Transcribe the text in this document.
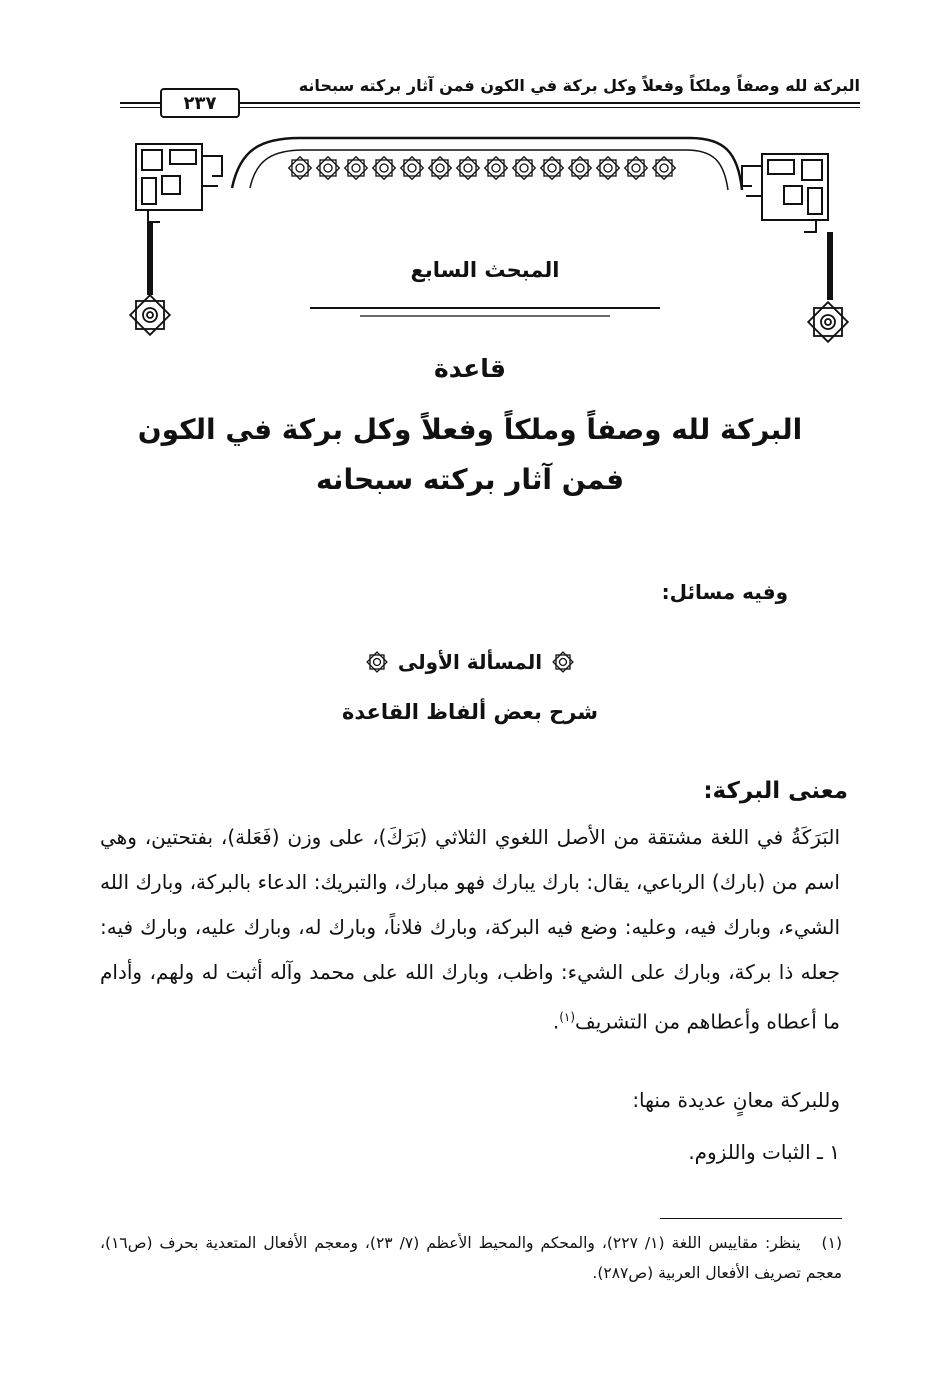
البركة لله وصفاً وملكاً وفعلاً وكل بركة في الكون فمن آثار بركته سبحانه
٢٣٧
المبحث السابع
قاعدة
البركة لله وصفاً وملكاً وفعلاً وكل بركة في الكون
فمن آثار بركته سبحانه
وفيه مسائل:
المسألة الأولى
شرح بعض ألفاظ القاعدة
معنى البركة:
البَرَكَةُ في اللغة مشتقة من الأصل اللغوي الثلاثي (بَرَكَ)، على وزن (فَعَلة)، بفتحتين، وهي اسم من (بارك) الرباعي، يقال: بارك يبارك فهو مبارك، والتبريك: الدعاء بالبركة، وبارك الله الشيء، وبارك فيه، وعليه: وضع فيه البركة، وبارك فلاناً، وبارك له، وبارك عليه، وبارك فيه: جعله ذا بركة، وبارك على الشيء: واظب، وبارك الله على محمد وآله أثبت له ولهم، وأدام ما أعطاه وأعطاهم من التشريف$^{(١)}$.
وللبركة معانٍ عديدة منها:
١ ـ الثبات واللزوم.
(١)   ينظر: مقاييس اللغة (١/ ٢٢٧)، والمحكم والمحيط الأعظم (٧/ ٢٣)، ومعجم الأفعال المتعدية بحرف (ص١٦)، معجم تصريف الأفعال العربية (ص٢٨٧).
